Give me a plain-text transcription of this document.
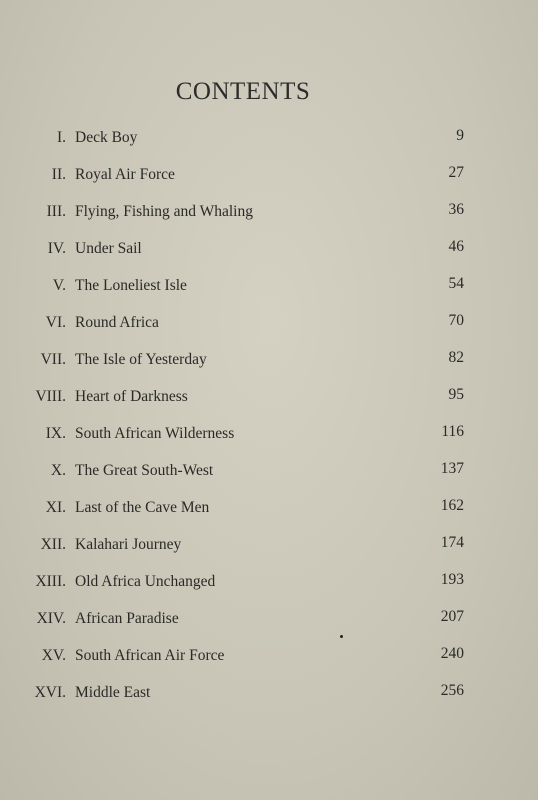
CONTENTS
I. Deck Boy	9
II. Royal Air Force	27
III. Flying, Fishing and Whaling	36
IV. Under Sail	46
V. The Loneliest Isle	54
VI. Round Africa	70
VII. The Isle of Yesterday	82
VIII. Heart of Darkness	95
IX. South African Wilderness	116
X. The Great South-West	137
XI. Last of the Cave Men	162
XII. Kalahari Journey	174
XIII. Old Africa Unchanged	193
XIV. African Paradise	207
XV. South African Air Force	240
XVI. Middle East	256
